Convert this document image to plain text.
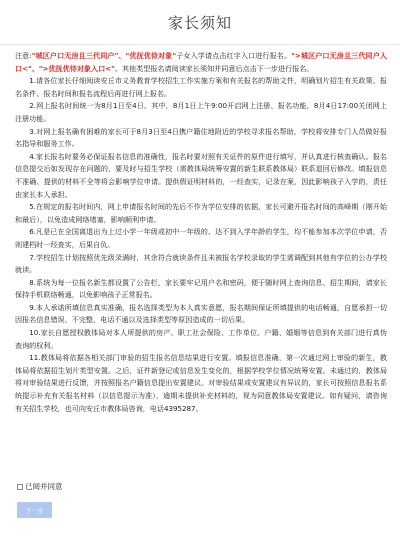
家长须知
注意:"城区户口无房且三代同户"、"优抚优待对象"子女入学请点击红字入口进行报名。">城区户口无房且三代同户入口<"、">优抚优待对象入口<"。其他类型报名请阅读家长须知并同意后点击下一步进行报名。

1.请各位家长仔细阅读安丘市义务教育学校招生工作实施方案和有关报名的帮助文件，明确划片招生有关政策、报名条件、报名时间和报名流程后再进行网上报名。

2.网上报名时间统一为8月1日至4日。其中，8月1日上午9:00开启网上注册、报名功能，8月4日17:00关闭网上注册功能。

3.对网上报名确有困难的家长可于8月3日至4日携户籍住地附近的学校寻求报名帮助，学校将安排专门人员做好报名指导和服务工作。

4.家长报名时要务必保证报名信息的准确性，报名时要对照有关证件的原件进行填写，并认真进行核查确认。报名信息提交后如发现存在问题的，要及时与招生学校（需教体局统筹安置的新生联系教体局）联系退回后修改。填报信息不准确、提供的材料不全等将会影响学位申请。提供假证明材料的，一经查实，记录在案，因此影响孩子入学的，责任由家长本人承担。

5.在规定的报名时间内，网上申请报名时间的先后不作为学位安排的依据，家长可避开报名时间的高峰期（刚开始和最后），以免造成网络堵塞，影响顺利申请。

6.凡是已在全国离退出为上过小学一年级或初中一年级的、达不到入学年龄的学生，均不能参加本次学位申请，否则建档时一经查实，后果自负。

7.学校招生计划按照优先级录满时，其余符合就读条件且未被报名学校录取的学生需调配到其他有学位的公办学校就读。

8.系统为每一位报名新生都设置了公告栏，家长要牢记用户名和密码，便于随时网上查询信息、招生期间，请家长保持手机联络畅通，以免影响孩子正常报名。

9.本人承诺所填信息真实准确，报名选择类型为本人真实意愿，报名期间保证所填提供的电话畅通，自愿承担一切因报名信息错误、不完整、电话不通以及选择类型等原因造成的一切后果。

10.家长自愿授权教体局对本人所提供的房产、职工社会保险、工作单位、户籍、婚姻等信息到有关部门进行真伪查询的权利。

11.教体局将依据各相关部门审验的招生报名信息结果进行安置。填报信息准确，第一次通过网上审验的新生，教体局将依据招生划片类型安置。之后，证件新登记或信息发生变化的，根据学校学位情况统筹安置。未通过的，教体局将对审验结果进行反馈，并按照报名户籍信息提出安置建议。对审验结果或安置建议有异议的，家长可按照信息报名系统提示补充有关报名材料（以信息提示为准），逾期未提供补充材料的，视为同意教体局安置建议。如有疑问，请咨询有关招生学校，也可向安丘市教体局咨询，电话4395287。

已阅并同意
下一步
